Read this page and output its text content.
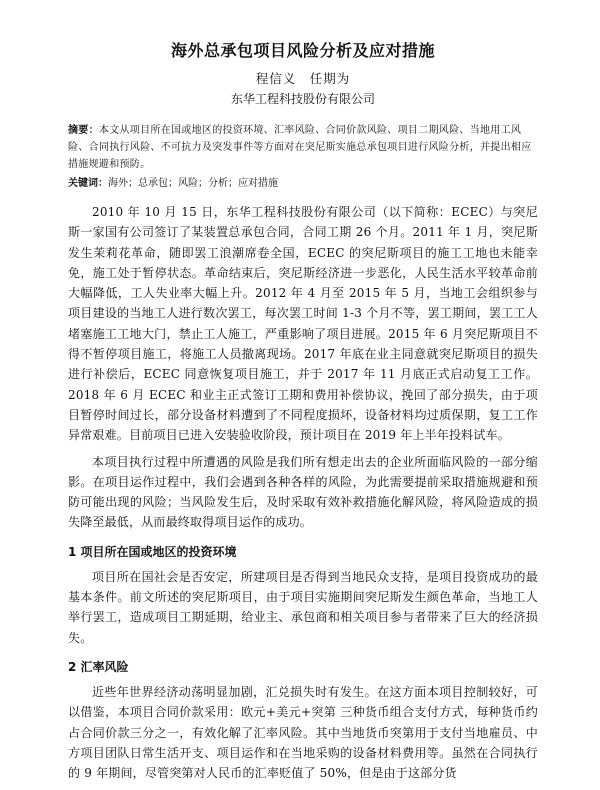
海外总承包项目风险分析及应对措施
程信义　任期为
东华工程科技股份有限公司
摘要：本文从项目所在国或地区的投资环境、汇率风险、合同价款风险、项目二期风险、当地用工风险、合同执行风险、不可抗力及突发事件等方面对在突尼斯实施总承包项目进行风险分析，并提出相应措施规避和预防。
关键词：海外；总承包；风险；分析；应对措施

2010 年 10 月 15 日，东华工程科技股份有限公司（以下简称：ECEC）与突尼斯一家国有公司签订了某装置总承包合同，合同工期 26 个月。2011 年 1 月，突尼斯发生茉莉花革命，随即罢工浪潮席卷全国，ECEC 的突尼斯项目的施工工地也未能幸免，施工处于暂停状态。革命结束后，突尼斯经济进一步恶化，人民生活水平较革命前大幅降低，工人失业率大幅上升。2012 年 4 月至 2015 年 5 月，当地工会组织参与项目建设的当地工人进行数次罢工，每次罢工时间 1-3 个月不等，罢工期间，罢工工人堵塞施工工地大门，禁止工人施工，严重影响了项目进展。2015 年 6 月突尼斯项目不得不暂停项目施工，将施工人员撤离现场。2017 年底在业主同意就突尼斯项目的损失进行补偿后，ECEC 同意恢复项目施工，并于 2017 年 11 月底正式启动复工工作。2018 年 6 月 ECEC 和业主正式签订工期和费用补偿协议，挽回了部分损失，由于项目暂停时间过长，部分设备材料遭到了不同程度损坏，设备材料均过质保期，复工工作异常艰难。目前项目已进入安装验收阶段，预计项目在 2019 年上半年投料试车。

本项目执行过程中所遭遇的风险是我们所有想走出去的企业所面临风险的一部分缩影。在项目运作过程中，我们会遇到各种各样的风险，为此需要提前采取措施规避和预防可能出现的风险；当风险发生后，及时采取有效补救措施化解风险，将风险造成的损失降至最低，从而最终取得项目运作的成功。

1 项目所在国或地区的投资环境

项目所在国社会是否安定，所建项目是否得到当地民众支持，是项目投资成功的最基本条件。前文所述的突尼斯项目，由于项目实施期间突尼斯发生颜色革命，当地工人举行罢工，造成项目工期延期，给业主、承包商和相关项目参与者带来了巨大的经济损失。

2 汇率风险

近些年世界经济动荡明显加剧，汇兑损失时有发生。在这方面本项目控制较好，可以借鉴，本项目合同价款采用：欧元+美元+突第 三种货币组合支付方式，每种货币约占合同价款三分之一，有效化解了汇率风险。其中当地货币突第用于支付当地雇员、中方项目团队日常生活开支、项目运作和在当地采购的设备材料费用等。虽然在合同执行的 9 年期间，尽管突第对人民币的汇率贬值了 50%，但是由于这部分货
